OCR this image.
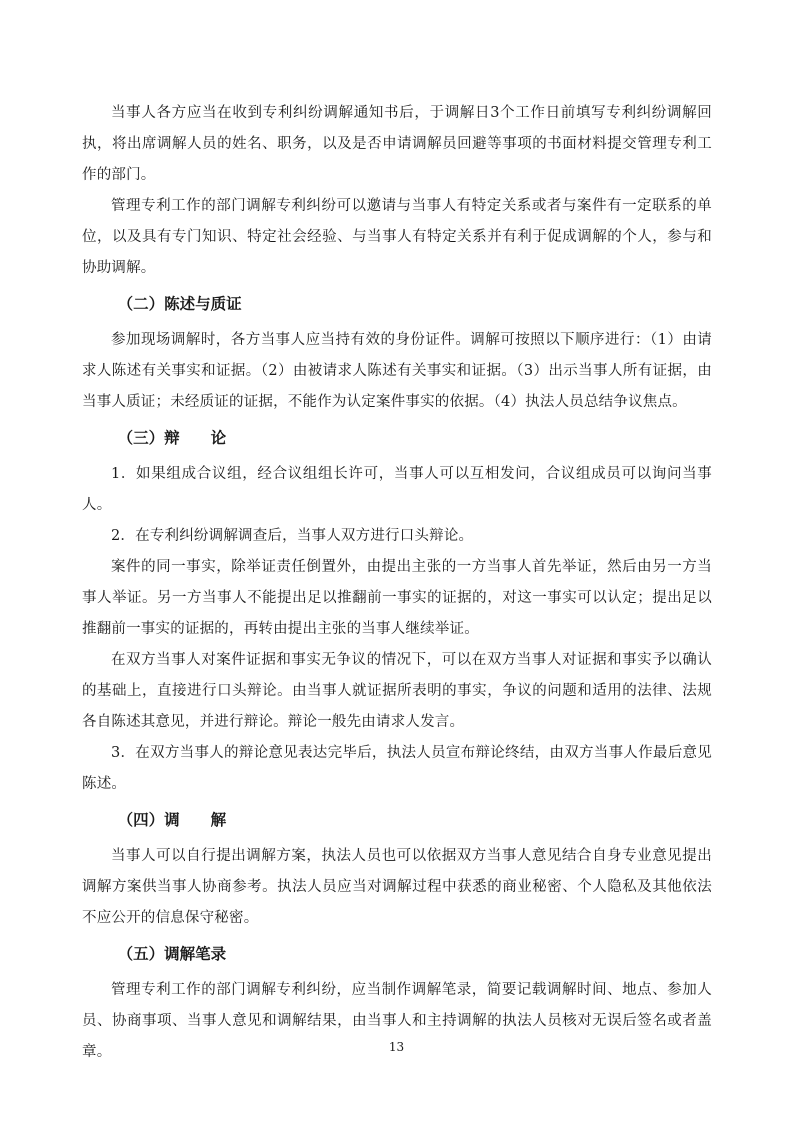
当事人各方应当在收到专利纠纷调解通知书后，于调解日3个工作日前填写专利纠纷调解回执，将出席调解人员的姓名、职务，以及是否申请调解员回避等事项的书面材料提交管理专利工作的部门。

管理专利工作的部门调解专利纠纷可以邀请与当事人有特定关系或者与案件有一定联系的单位，以及具有专门知识、特定社会经验、与当事人有特定关系并有利于促成调解的个人，参与和协助调解。

（二）陈述与质证

参加现场调解时，各方当事人应当持有效的身份证件。调解可按照以下顺序进行：（1）由请求人陈述有关事实和证据。（2）由被请求人陈述有关事实和证据。（3）出示当事人所有证据，由当事人质证；未经质证的证据，不能作为认定案件事实的依据。（4）执法人员总结争议焦点。

（三）辩　　论

1．如果组成合议组，经合议组组长许可，当事人可以互相发问，合议组成员可以询问当事人。

2．在专利纠纷调解调查后，当事人双方进行口头辩论。

案件的同一事实，除举证责任倒置外，由提出主张的一方当事人首先举证，然后由另一方当事人举证。另一方当事人不能提出足以推翻前一事实的证据的，对这一事实可以认定；提出足以推翻前一事实的证据的，再转由提出主张的当事人继续举证。

在双方当事人对案件证据和事实无争议的情况下，可以在双方当事人对证据和事实予以确认的基础上，直接进行口头辩论。由当事人就证据所表明的事实，争议的问题和适用的法律、法规各自陈述其意见，并进行辩论。辩论一般先由请求人发言。

3．在双方当事人的辩论意见表达完毕后，执法人员宣布辩论终结，由双方当事人作最后意见陈述。

（四）调　　解

当事人可以自行提出调解方案，执法人员也可以依据双方当事人意见结合自身专业意见提出调解方案供当事人协商参考。执法人员应当对调解过程中获悉的商业秘密、个人隐私及其他依法不应公开的信息保守秘密。

（五）调解笔录

管理专利工作的部门调解专利纠纷，应当制作调解笔录，简要记载调解时间、地点、参加人员、协商事项、当事人意见和调解结果，由当事人和主持调解的执法人员核对无误后签名或者盖章。	13
